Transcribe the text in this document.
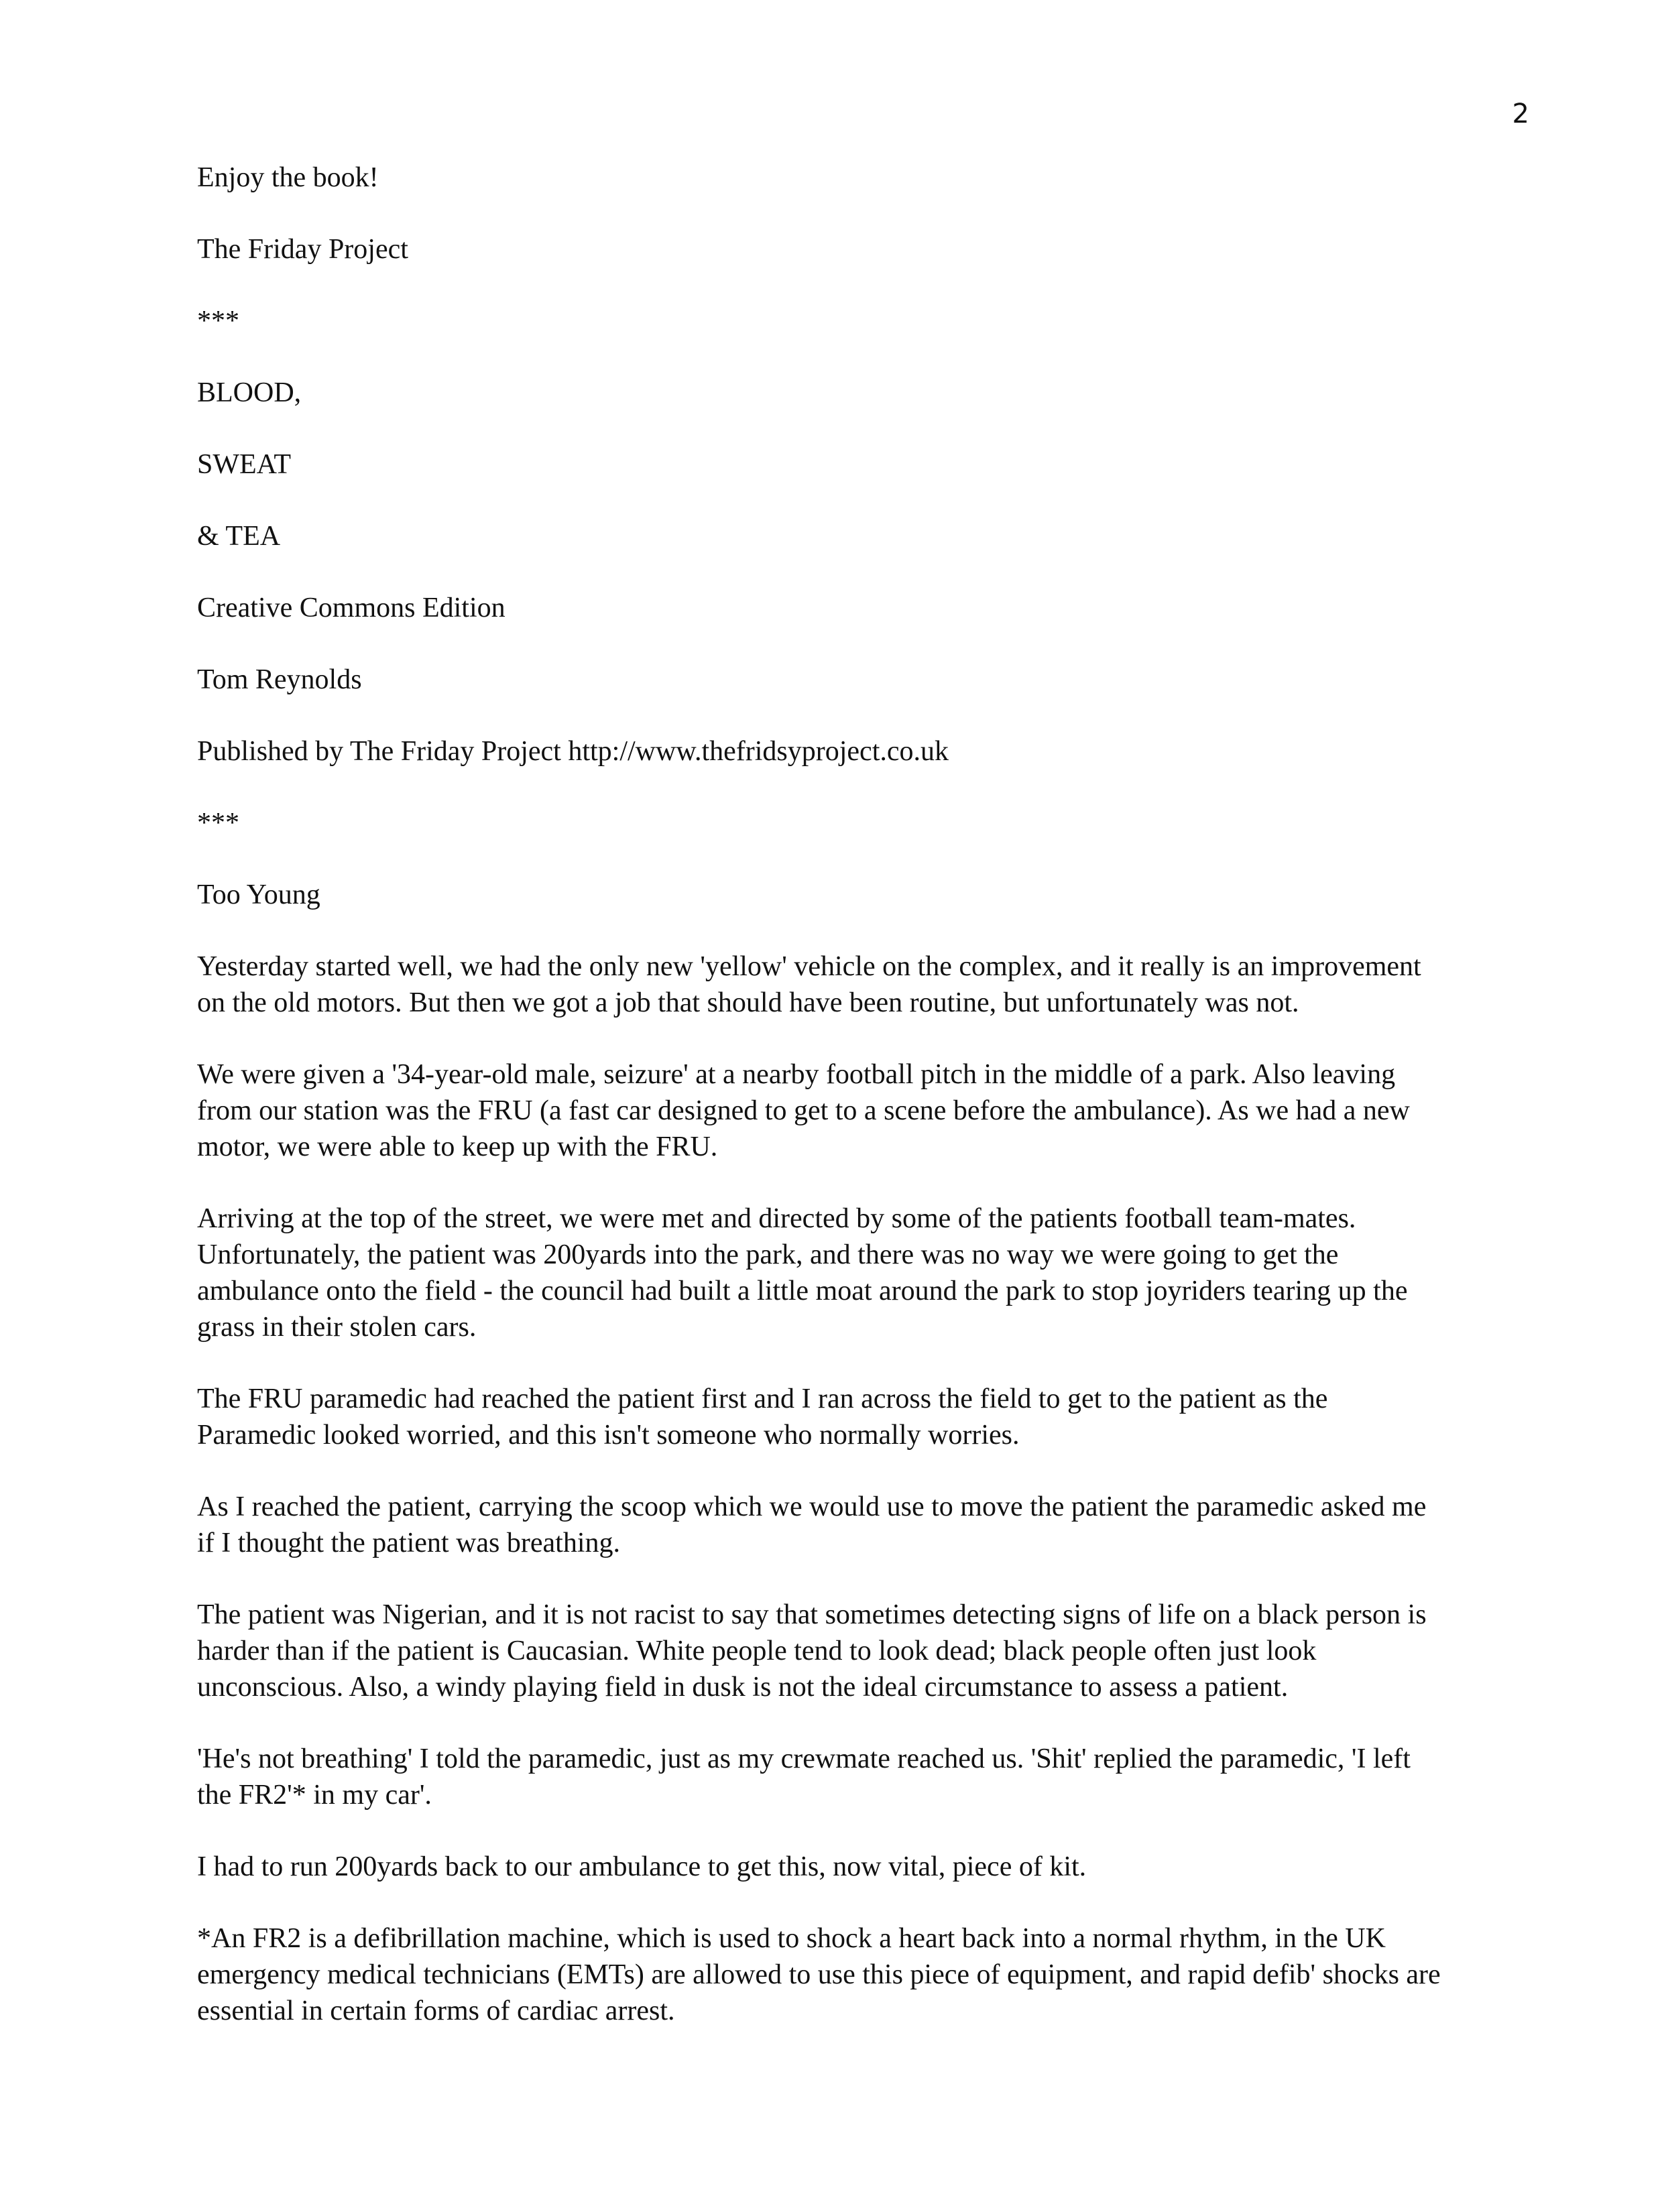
2

Enjoy the book!

The Friday Project

***

BLOOD,

SWEAT

& TEA

Creative Commons Edition

Tom Reynolds

Published by The Friday Project http://www.thefridsyproject.co.uk

***

Too Young

Yesterday started well, we had the only new 'yellow' vehicle on the complex, and it really is an improvement
on the old motors. But then we got a job that should have been routine, but unfortunately was not.

We were given a '34-year-old male, seizure' at a nearby football pitch in the middle of a park. Also leaving
from our station was the FRU (a fast car designed to get to a scene before the ambulance). As we had a new
motor, we were able to keep up with the FRU.

Arriving at the top of the street, we were met and directed by some of the patients football team-mates.
Unfortunately, the patient was 200yards into the park, and there was no way we were going to get the
ambulance onto the field - the council had built a little moat around the park to stop joyriders tearing up the
grass in their stolen cars.

The FRU paramedic had reached the patient first and I ran across the field to get to the patient as the
Paramedic looked worried, and this isn't someone who normally worries.

As I reached the patient, carrying the scoop which we would use to move the patient the paramedic asked me
if I thought the patient was breathing.

The patient was Nigerian, and it is not racist to say that sometimes detecting signs of life on a black person is
harder than if the patient is Caucasian. White people tend to look dead; black people often just look
unconscious. Also, a windy playing field in dusk is not the ideal circumstance to assess a patient.

'He's not breathing' I told the paramedic, just as my crewmate reached us. 'Shit' replied the paramedic, 'I left
the FR2'* in my car'.

I had to run 200yards back to our ambulance to get this, now vital, piece of kit.

*An FR2 is a defibrillation machine, which is used to shock a heart back into a normal rhythm, in the UK
emergency medical technicians (EMTs) are allowed to use this piece of equipment, and rapid defib' shocks are
essential in certain forms of cardiac arrest.
